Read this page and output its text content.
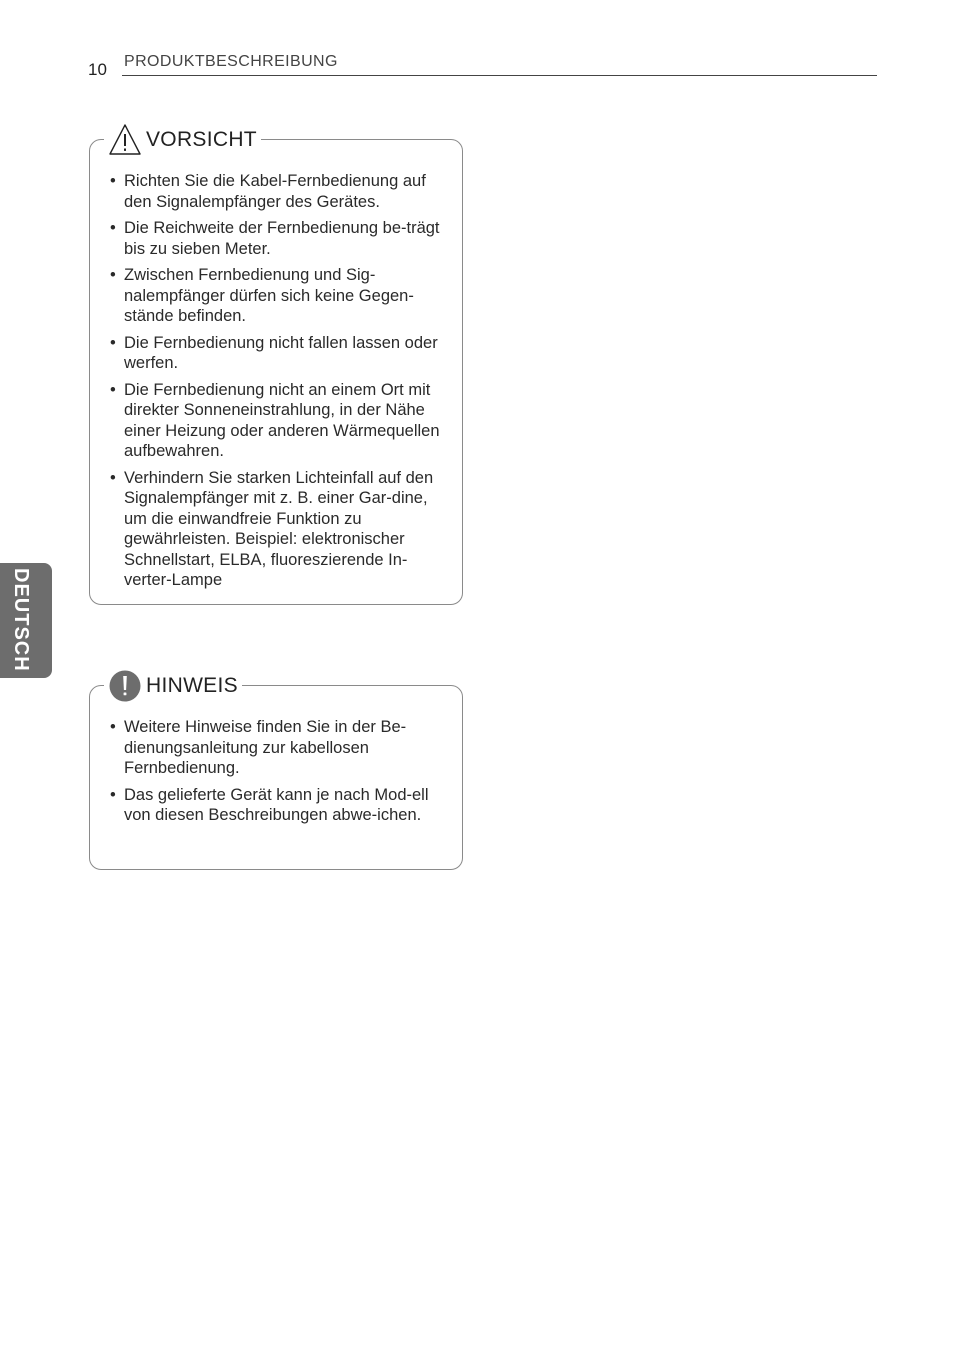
10 PRODUKTBESCHREIBUNG
DEUTSCH
VORSICHT
• Richten Sie die Kabel-Fernbedienung auf den Signalempfänger des Gerätes.
• Die Reichweite der Fernbedienung be-trägt bis zu sieben Meter.
• Zwischen Fernbedienung und Sig-nalempfänger dürfen sich keine Gegen-stände befinden.
• Die Fernbedienung nicht fallen lassen oder werfen.
• Die Fernbedienung nicht an einem Ort mit direkter Sonneneinstrahlung, in der Nähe einer Heizung oder anderen Wärmequellen aufbewahren.
• Verhindern Sie starken Lichteinfall auf den Signalempfänger mit z. B. einer Gar-dine, um die einwandfreie Funktion zu gewährleisten. Beispiel: elektronischer Schnellstart, ELBA, fluoreszierende In-verter-Lampe
HINWEIS
• Weitere Hinweise finden Sie in der Be-dienungsanleitung zur kabellosen Fernbedienung.
• Das gelieferte Gerät kann je nach Mod-ell von diesen Beschreibungen abwe-ichen.
